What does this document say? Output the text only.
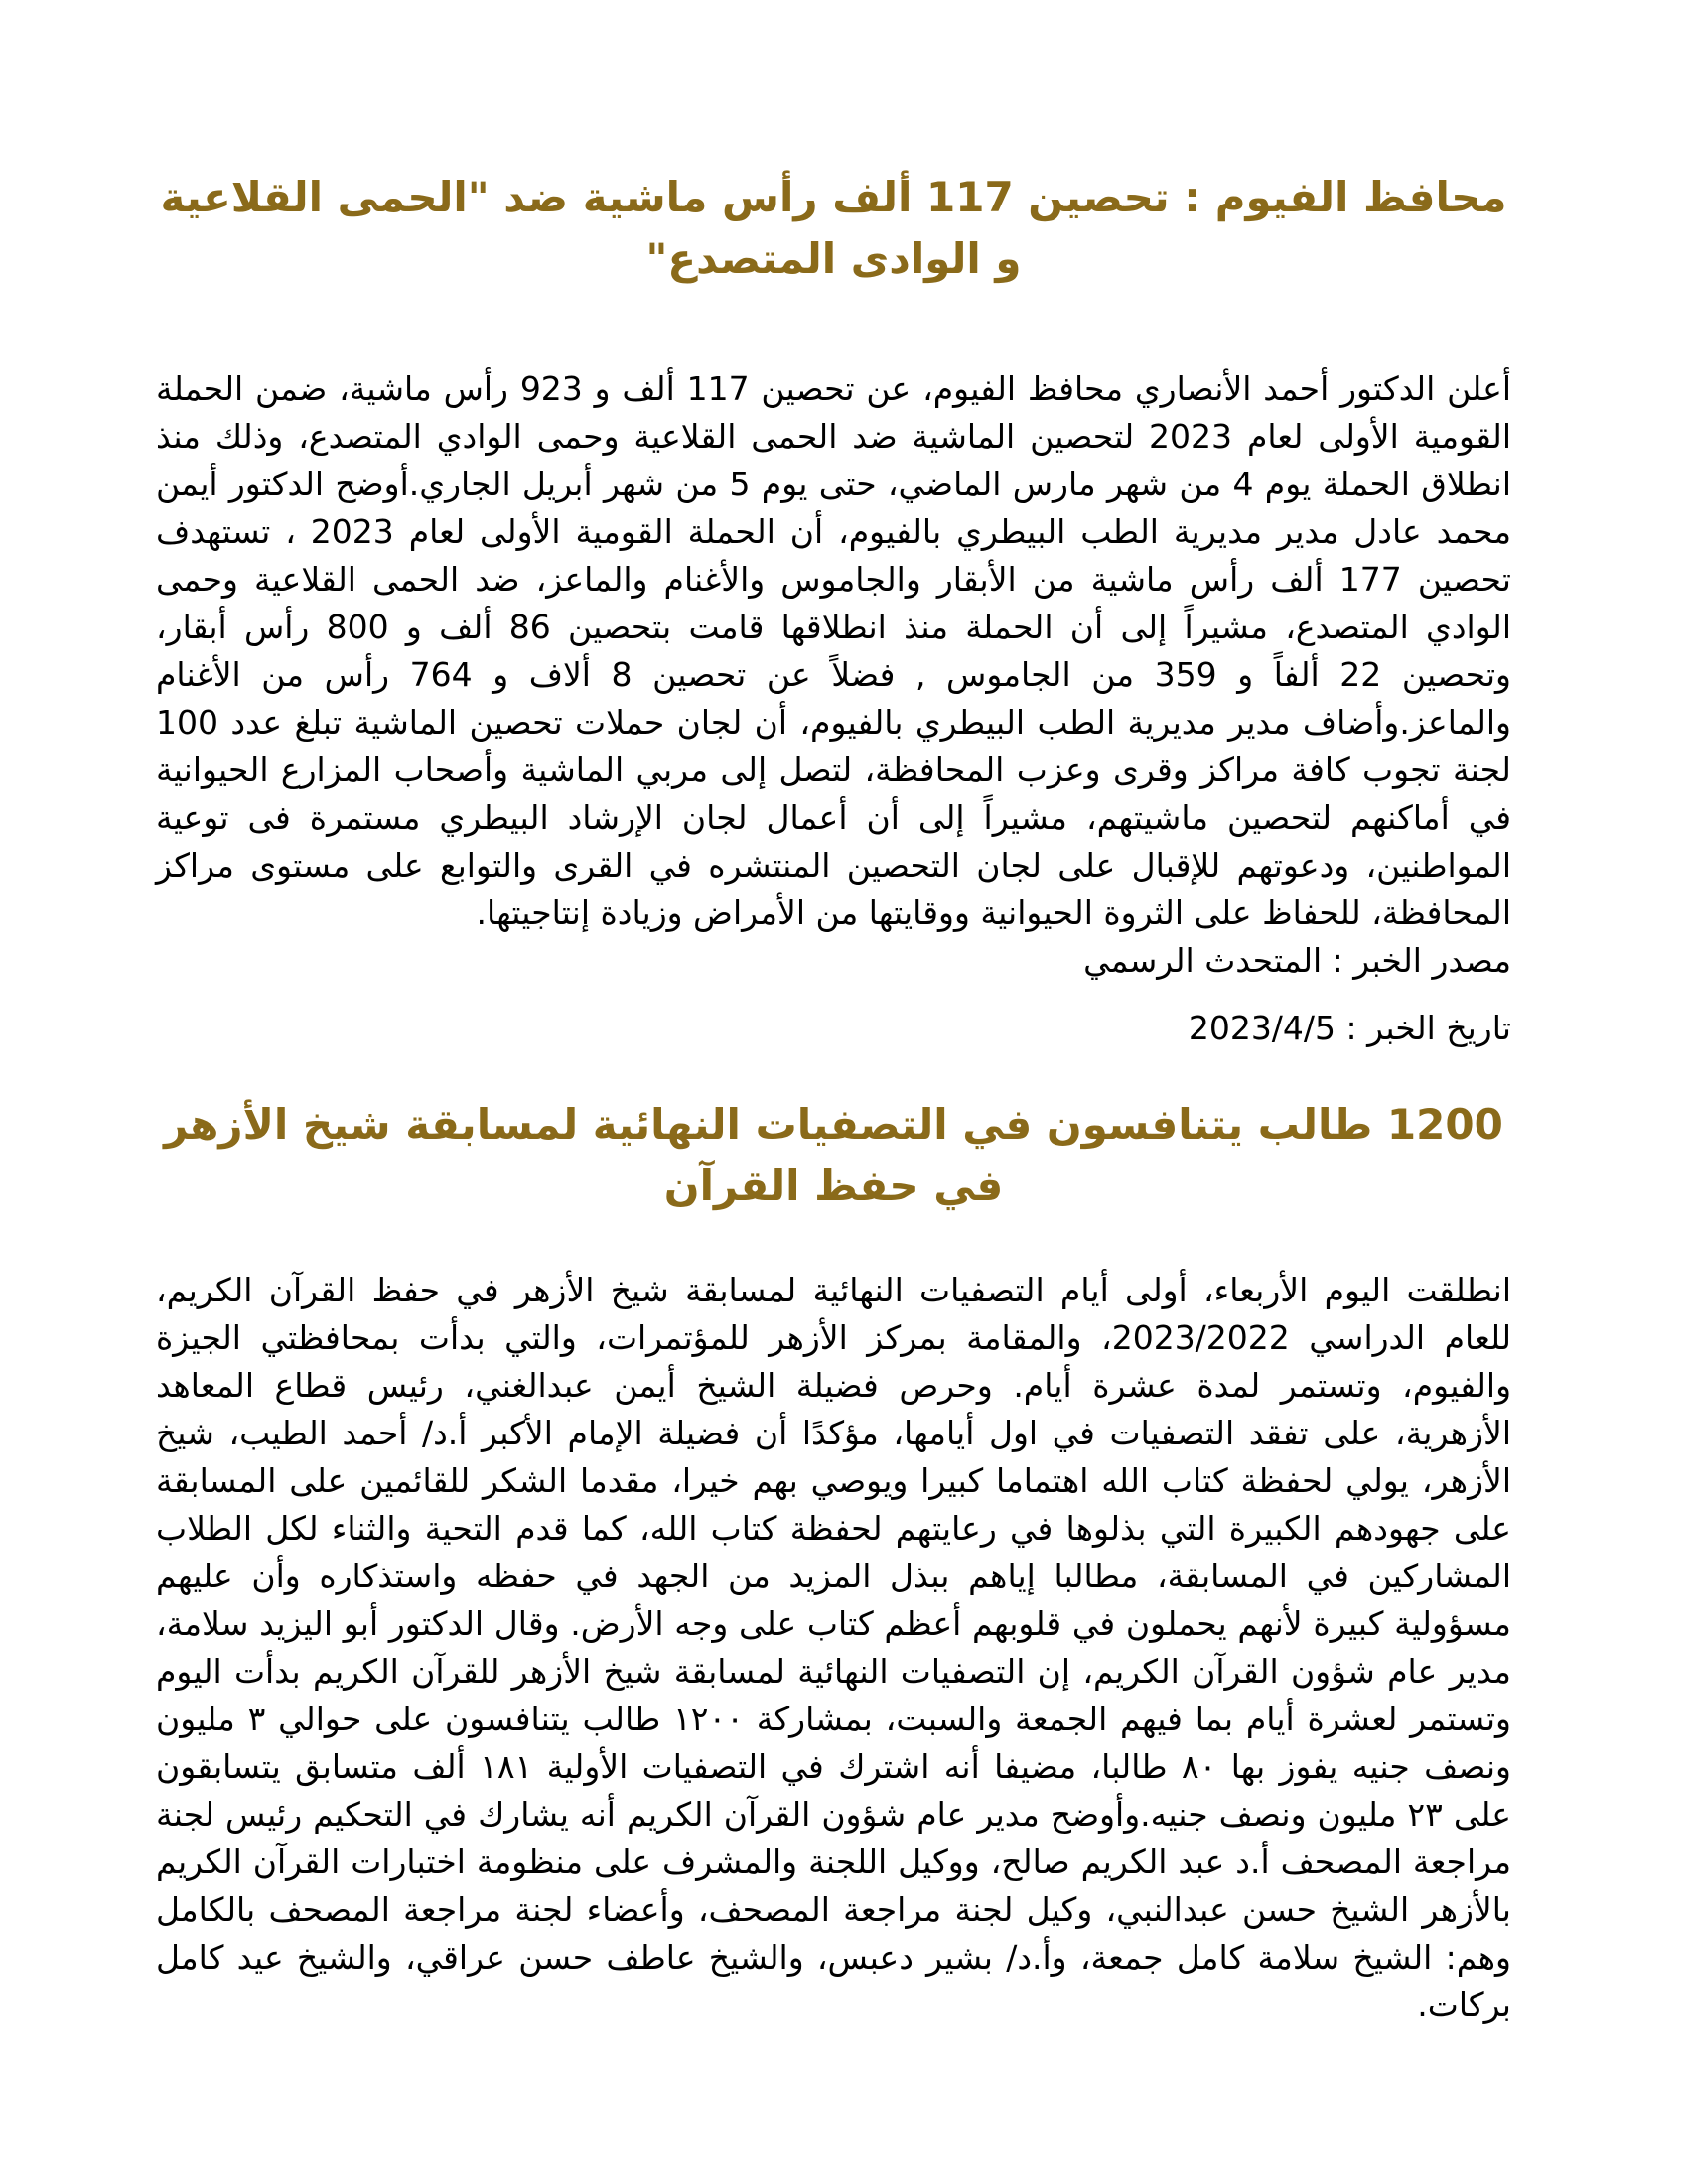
محافظ الفيوم : تحصين 117 ألف رأس ماشية ضد "الحمى القلاعية و الوادى المتصدع"

أعلن الدكتور أحمد الأنصاري محافظ الفيوم، عن تحصين 117 ألف و 923 رأس ماشية، ضمن الحملة القومية الأولى لعام 2023 لتحصين الماشية ضد الحمى القلاعية وحمى الوادي المتصدع، وذلك منذ انطلاق الحملة يوم 4 من شهر مارس الماضي، حتى يوم 5 من شهر أبريل الجاري.أوضح الدكتور أيمن محمد عادل مدير مديرية الطب البيطري بالفيوم، أن الحملة القومية الأولى لعام 2023 ، تستهدف تحصين 177 ألف رأس ماشية من الأبقار والجاموس والأغنام والماعز، ضد الحمى القلاعية وحمى الوادي المتصدع، مشيراً إلى أن الحملة منذ انطلاقها قامت بتحصين 86 ألف و 800 رأس أبقار، وتحصين 22 ألفاً و 359 من الجاموس , فضلاً عن تحصين 8 ألاف و 764 رأس من الأغنام والماعز.وأضاف مدير مديرية الطب البيطري بالفيوم، أن لجان حملات تحصين الماشية تبلغ عدد 100 لجنة تجوب كافة مراكز وقرى وعزب المحافظة، لتصل إلى مربي الماشية وأصحاب المزارع الحيوانية في أماكنهم لتحصين ماشيتهم، مشيراً إلى أن أعمال لجان الإرشاد البيطري مستمرة فى توعية المواطنين، ودعوتهم للإقبال على لجان التحصين المنتشره في القرى والتوابع على مستوى مراكز المحافظة، للحفاظ على الثروة الحيوانية ووقايتها من الأمراض وزيادة إنتاجيتها.

مصدر الخبر : المتحدث الرسمي

تاريخ الخبر : 2023/4/5

1200 طالب يتنافسون في التصفيات النهائية لمسابقة شيخ الأزهر في حفظ القرآن

انطلقت اليوم الأربعاء، أولى أيام التصفيات النهائية لمسابقة شيخ الأزهر في حفظ القرآن الكريم، للعام الدراسي 2023/2022، والمقامة بمركز الأزهر للمؤتمرات، والتي بدأت بمحافظتي الجيزة والفيوم، وتستمر لمدة عشرة أيام. وحرص فضيلة الشيخ أيمن عبدالغني، رئيس قطاع المعاهد الأزهرية، على تفقد التصفيات في اول أيامها، مؤكدًا أن فضيلة الإمام الأكبر أ.د/ أحمد الطيب، شيخ الأزهر، يولي لحفظة كتاب الله اهتماما كبيرا ويوصي بهم خيرا، مقدما الشكر للقائمين على المسابقة على جهودهم الكبيرة التي بذلوها في رعايتهم لحفظة كتاب الله، كما قدم التحية والثناء لكل الطلاب المشاركين في المسابقة، مطالبا إياهم ببذل المزيد من الجهد في حفظه واستذكاره وأن عليهم مسؤولية كبيرة لأنهم يحملون في قلوبهم أعظم كتاب على وجه الأرض. وقال الدكتور أبو اليزيد سلامة، مدير عام شؤون القرآن الكريم، إن التصفيات النهائية لمسابقة شيخ الأزهر للقرآن الكريم بدأت اليوم وتستمر لعشرة أيام بما فيهم الجمعة والسبت، بمشاركة ١٢٠٠ طالب يتنافسون على حوالي ٣ مليون ونصف جنيه يفوز بها ٨٠ طالبا، مضيفا أنه اشترك في التصفيات الأولية ١٨١ ألف متسابق يتسابقون على ٢٣ مليون ونصف جنيه.وأوضح مدير عام شؤون القرآن الكريم أنه يشارك في التحكيم رئيس لجنة مراجعة المصحف أ.د عبد الكريم صالح، ووكيل اللجنة والمشرف على منظومة اختبارات القرآن الكريم بالأزهر الشيخ حسن عبدالنبي، وكيل لجنة مراجعة المصحف، وأعضاء لجنة مراجعة المصحف بالكامل وهم: الشيخ سلامة كامل جمعة، وأ.د/ بشير دعبس، والشيخ عاطف حسن عراقي، والشيخ عيد كامل بركات.
